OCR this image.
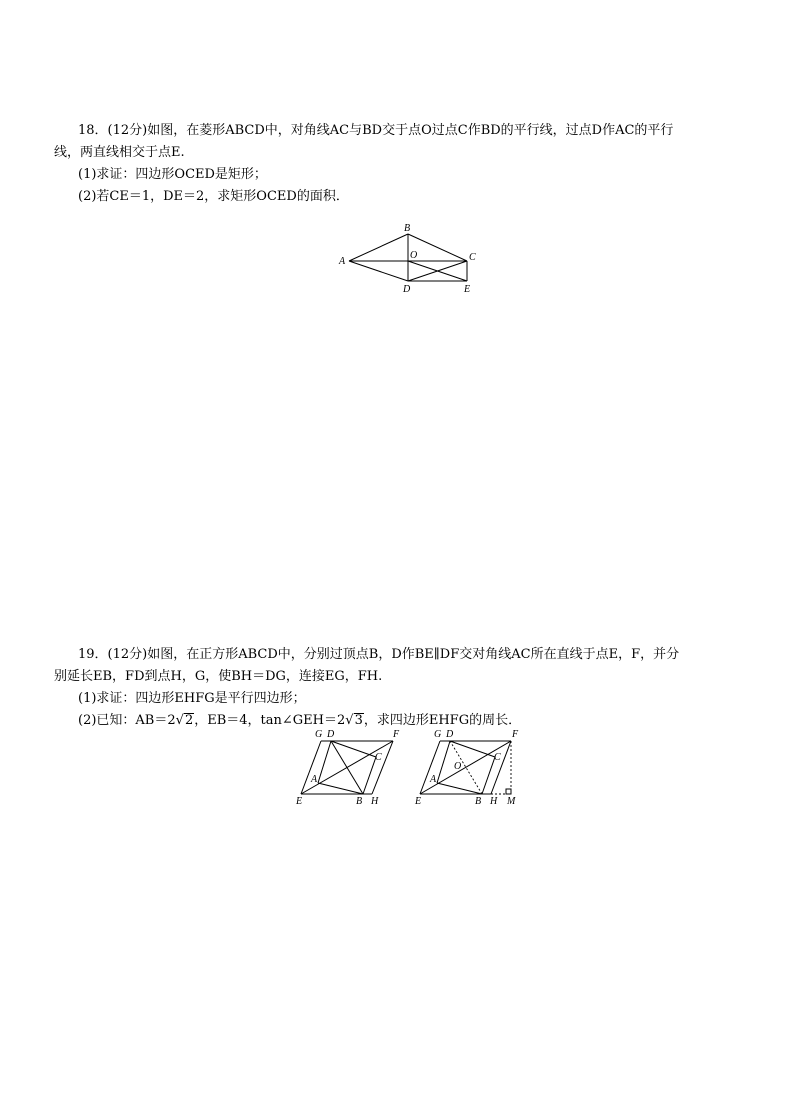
18．(12分)如图，在菱形ABCD中，对角线AC与BD交于点O过点C作BD的平行线，过点D作AC的平行

线，两直线相交于点E.

(1)求证：四边形OCED是矩形；

(2)若CE＝1，DE＝2，求矩形OCED的面积．

B
A
O	C
D	E

19．(12分)如图，在正方形ABCD中，分别过顶点B，D作BE∥DF交对角线AC所在直线于点E，F，并分

别延长EB，FD到点H，G，使BH＝DG，连接EG，FH.

(1)求证：四边形EHFG是平行四边形；

(2)已知：AB＝2√2，EB＝4，tan∠GEH＝2√3，求四边形EHFG的周长．

G D	F
C
A
E	B H
G D	F
O
C
A
E	B H M
